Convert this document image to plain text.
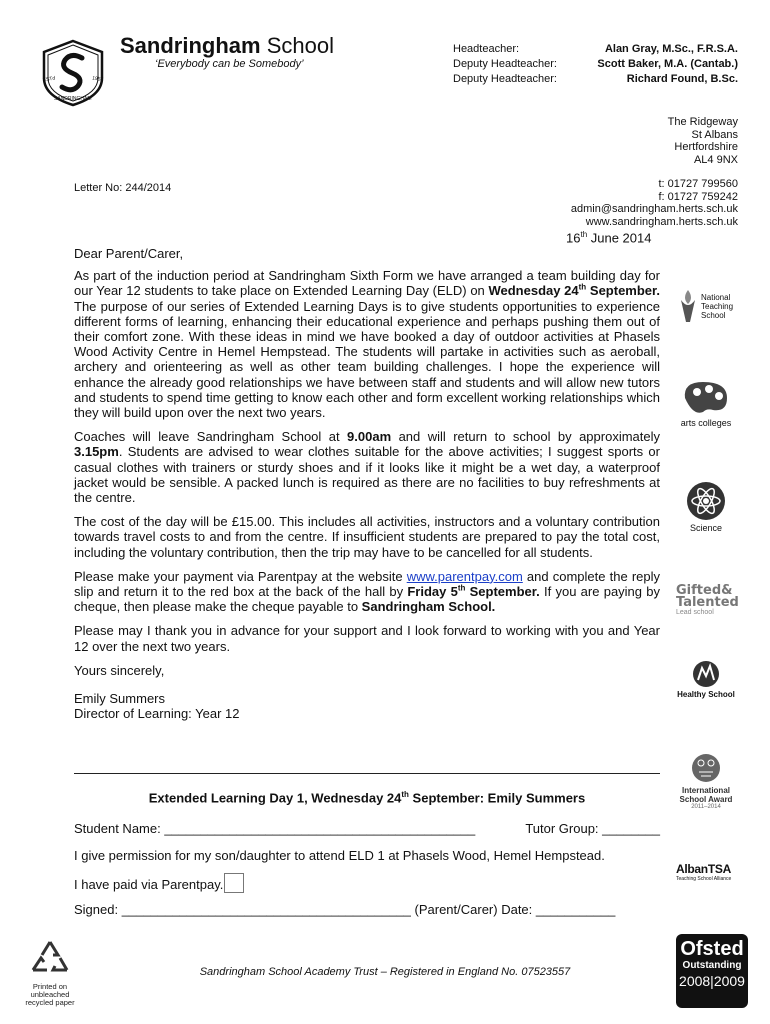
ESTd	1955
SANDRINGHAM
Sandringham School
‘Everybody can be Somebody’
Headteacher:	Alan Gray, M.Sc., F.R.S.A.
Deputy Headteacher:	Scott Baker, M.A. (Cantab.)
Deputy Headteacher:	Richard Found, B.Sc.
The Ridgeway
St Albans
Hertfordshire
AL4 9NX
t: 01727 799560
f: 01727 759242
admin@sandringham.herts.sch.uk
www.sandringham.herts.sch.uk
Letter No: 244/2014
16th June 2014

Dear Parent/Carer,

As part of the induction period at Sandringham Sixth Form we have arranged a team building day for our Year 12 students to take place on Extended Learning Day (ELD) on Wednesday 24th September. The purpose of our series of Extended Learning Days is to give students opportunities to experience different forms of learning, enhancing their educational experience and perhaps pushing them out of their comfort zone. With these ideas in mind we have booked a day of outdoor activities at Phasels Wood Activity Centre in Hemel Hempstead. The students will partake in activities such as aeroball, archery and orienteering as well as other team building challenges. I hope the experience will enhance the already good relationships we have between staff and students and will allow new tutors and students to spend time getting to know each other and form excellent working relationships which they will build upon over the next two years.

Coaches will leave Sandringham School at 9.00am and will return to school by approximately 3.15pm. Students are advised to wear clothes suitable for the above activities; I suggest sports or casual clothes with trainers or sturdy shoes and if it looks like it might be a wet day, a waterproof jacket would be sensible. A packed lunch is required as there are no facilities to buy refreshments at the centre.

The cost of the day will be £15.00. This includes all activities, instructors and a voluntary contribution towards travel costs to and from the centre. If insufficient students are prepared to pay the total cost, including the voluntary contribution, then the trip may have to be cancelled for all students.

Please make your payment via Parentpay at the website www.parentpay.com and complete the reply slip and return it to the red box at the back of the hall by Friday 5th September. If you are paying by cheque, then please make the cheque payable to Sandringham School.

Please may I thank you in advance for your support and I look forward to working with you and Year 12 over the next two years.

Yours sincerely,

Emily Summers
Director of Learning: Year 12
Extended Learning Day 1, Wednesday 24th September: Emily Summers
Student Name: ___________________________________________	Tutor Group: ________
I give permission for my son/daughter to attend ELD 1 at Phasels Wood, Hemel Hempstead.
I have paid via Parentpay.
Signed: ________________________________________ (Parent/Carer) Date: ___________
Sandringham School Academy Trust – Registered in England No. 07523557
Printed on
unbleached
recycled paper
National
Teaching
School
arts colleges
Science
Gifted&
Talented
Lead school
Healthy School
International
School Award
2011–2014
AlbanTSA
Teaching School Alliance
Ofsted
Outstanding
2008|2009
